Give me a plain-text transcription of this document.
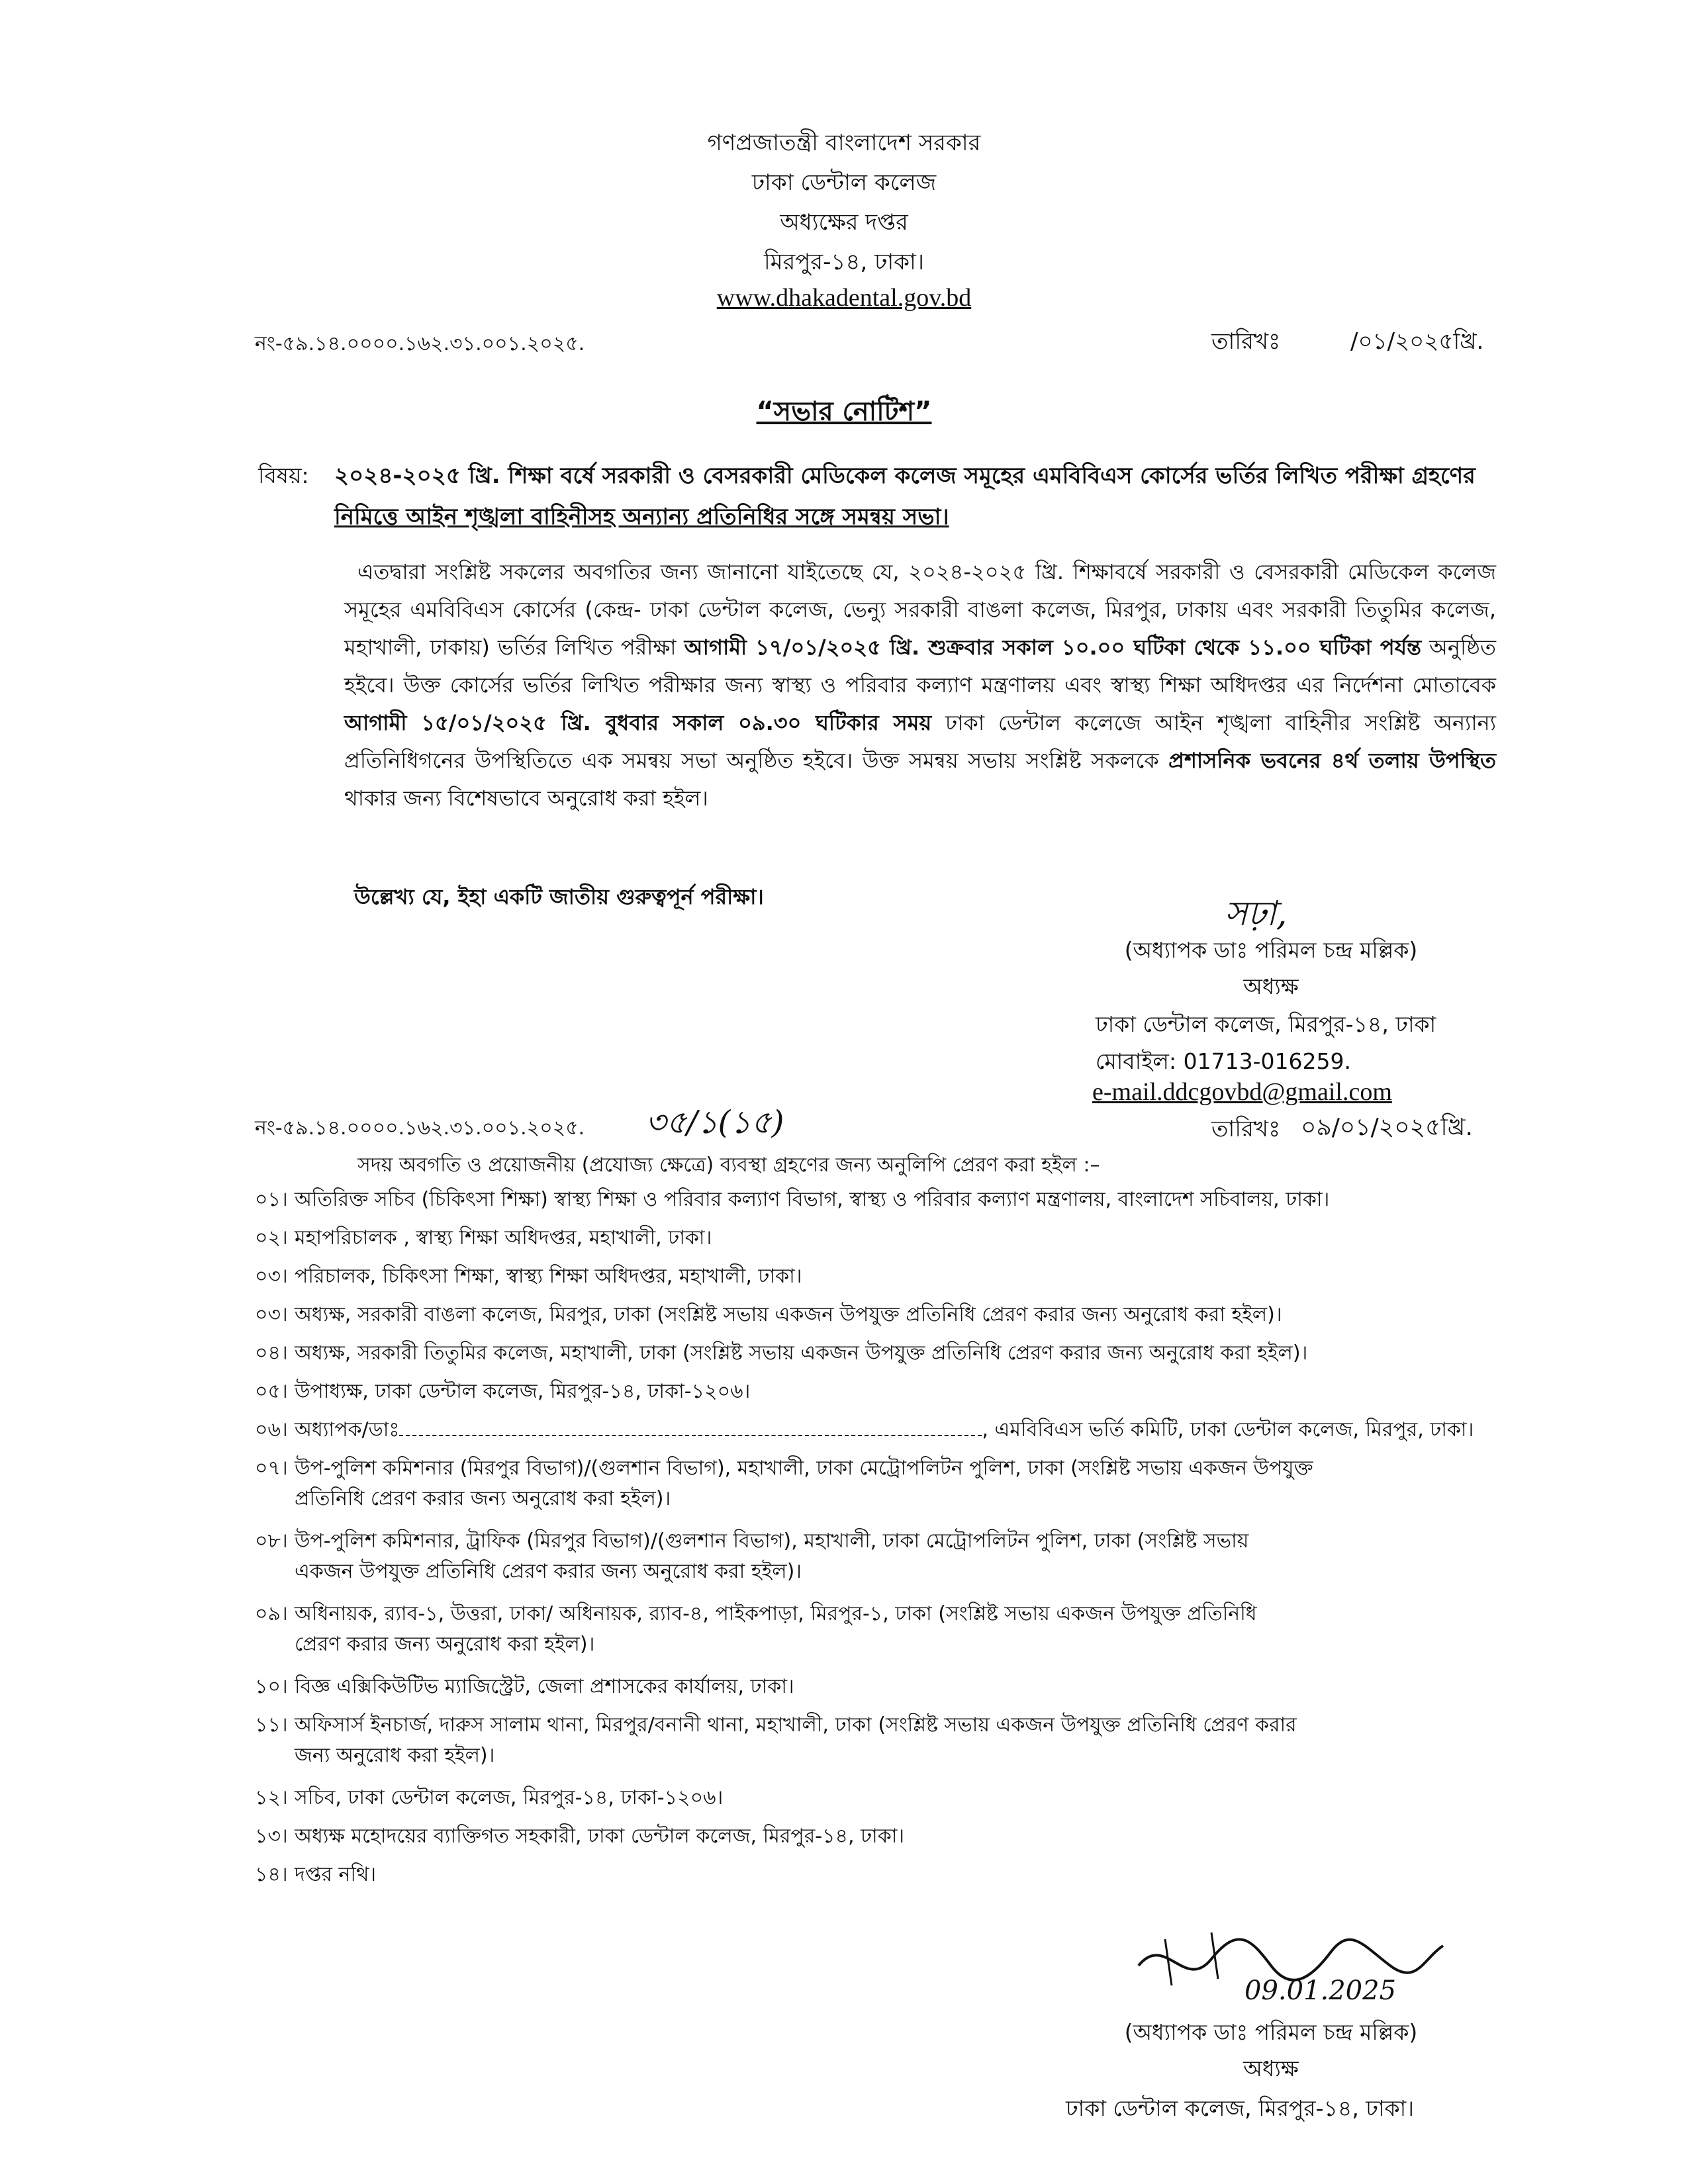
গণপ্রজাতন্ত্রী বাংলাদেশ সরকার
ঢাকা ডেন্টাল কলেজ
অধ্যক্ষের দপ্তর
মিরপুর-১৪, ঢাকা।
www.dhakadental.gov.bd
নং-৫৯.১৪.০০০০.১৬২.৩১.০০১.২০২৫.	তারিখঃ	/০১/২০২৫খ্রি.
“সভার নোটিশ”
বিষয়: ২০২৪-২০২৫ খ্রি. শিক্ষা বর্ষে সরকারী ও বেসরকারী মেডিকেল কলেজ সমূহের এমবিবিএস কোর্সের ভর্তির লিখিত পরীক্ষা গ্রহণের
নিমিত্তে আইন শৃঙ্খলা বাহিনীসহ অন্যান্য প্রতিনিধির সঙ্গে সমন্বয় সভা।
এতদ্বারা সংশ্লিষ্ট সকলের অবগতির জন্য জানানো যাইতেছে যে, ২০২৪-২০২৫ খ্রি. শিক্ষাবর্ষে সরকারী ও বেসরকারী মেডিকেল কলেজ সমূহের এমবিবিএস কোর্সের (কেন্দ্র- ঢাকা ডেন্টাল কলেজ, ভেন্যু সরকারী বাঙলা কলেজ, মিরপুর, ঢাকায় এবং সরকারী তিতুমির কলেজ, মহাখালী, ঢাকায়) ভর্তির লিখিত পরীক্ষা আগামী ১৭/০১/২০২৫ খ্রি. শুক্রবার সকাল ১০.০০ ঘটিকা থেকে ১১.০০ ঘটিকা পর্যন্ত অনুষ্ঠিত হইবে। উক্ত কোর্সের ভর্তির লিখিত পরীক্ষার জন্য স্বাস্থ্য ও পরিবার কল্যাণ মন্ত্রণালয় এবং স্বাস্থ্য শিক্ষা অধিদপ্তর এর নির্দেশনা মোতাবেক আগামী ১৫/০১/২০২৫ খ্রি. বুধবার সকাল ০৯.৩০ ঘটিকার সময় ঢাকা ডেন্টাল কলেজে আইন শৃঙ্খলা বাহিনীর সংশ্লিষ্ট অন্যান্য প্রতিনিধিগনের উপস্থিতিতে এক সমন্বয় সভা অনুষ্ঠিত হইবে। উক্ত সমন্বয় সভায় সংশ্লিষ্ট সকলকে প্রশাসনিক ভবনের ৪র্থ তলায় উপস্থিত থাকার জন্য বিশেষভাবে অনুরোধ করা হইল।
উল্লেখ্য যে, ইহা একটি জাতীয় গুরুত্বপূর্ন পরীক্ষা।	সঢ়া,
(অধ্যাপক ডাঃ পরিমল চন্দ্র মল্লিক)
অধ্যক্ষ
ঢাকা ডেন্টাল কলেজ, মিরপুর-১৪, ঢাকা
মোবাইল: 01713-016259.
e-mail.ddcgovbd@gmail.com
নং-৫৯.১৪.০০০০.১৬২.৩১.০০১.২০২৫. ৩৫/১(১৫)	তারিখঃ ০৯/০১/২০২৫খ্রি.
সদয় অবগতি ও প্রয়োজনীয় (প্রযোজ্য ক্ষেত্রে) ব্যবস্থা গ্রহণের জন্য অনুলিপি প্রেরণ করা হইল :–
০১। অতিরিক্ত সচিব (চিকিৎসা শিক্ষা) স্বাস্থ্য শিক্ষা ও পরিবার কল্যাণ বিভাগ, স্বাস্থ্য ও পরিবার কল্যাণ মন্ত্রণালয়, বাংলাদেশ সচিবালয়, ঢাকা।
০২। মহাপরিচালক , স্বাস্থ্য শিক্ষা অধিদপ্তর, মহাখালী, ঢাকা।
০৩। পরিচালক, চিকিৎসা শিক্ষা, স্বাস্থ্য শিক্ষা অধিদপ্তর, মহাখালী, ঢাকা।
০৩। অধ্যক্ষ, সরকারী বাঙলা কলেজ, মিরপুর, ঢাকা (সংশ্লিষ্ট সভায় একজন উপযুক্ত প্রতিনিধি প্রেরণ করার জন্য অনুরোধ করা হইল)।
০৪। অধ্যক্ষ, সরকারী তিতুমির কলেজ, মহাখালী, ঢাকা (সংশ্লিষ্ট সভায় একজন উপযুক্ত প্রতিনিধি প্রেরণ করার জন্য অনুরোধ করা হইল)।
০৫। উপাধ্যক্ষ, ঢাকা ডেন্টাল কলেজ, মিরপুর-১৪, ঢাকা-১২০৬।
০৬। অধ্যাপক/ডাঃ	, এমবিবিএস ভর্তি কমিটি, ঢাকা ডেন্টাল কলেজ, মিরপুর, ঢাকা।
০৭। উপ-পুলিশ কমিশনার (মিরপুর বিভাগ)/(গুলশান বিভাগ), মহাখালী, ঢাকা মেট্রোপলিটন পুলিশ, ঢাকা (সংশ্লিষ্ট সভায় একজন উপযুক্ত
প্রতিনিধি প্রেরণ করার জন্য অনুরোধ করা হইল)।
০৮। উপ-পুলিশ কমিশনার, ট্রাফিক (মিরপুর বিভাগ)/(গুলশান বিভাগ), মহাখালী, ঢাকা মেট্রোপলিটন পুলিশ, ঢাকা (সংশ্লিষ্ট সভায়
একজন উপযুক্ত প্রতিনিধি প্রেরণ করার জন্য অনুরোধ করা হইল)।
০৯। অধিনায়ক, র‌্যাব-১, উত্তরা, ঢাকা/ অধিনায়ক, র‌্যাব-৪, পাইকপাড়া, মিরপুর-১, ঢাকা (সংশ্লিষ্ট সভায় একজন উপযুক্ত প্রতিনিধি
প্রেরণ করার জন্য অনুরোধ করা হইল)।
১০। বিজ্ঞ এক্সিকিউটিভ ম্যাজিস্ট্রেট, জেলা প্রশাসকের কার্যালয়, ঢাকা।
১১। অফিসার্স ইনচার্জ, দারুস সালাম থানা, মিরপুর/বনানী থানা, মহাখালী, ঢাকা (সংশ্লিষ্ট সভায় একজন উপযুক্ত প্রতিনিধি প্রেরণ করার
জন্য অনুরোধ করা হইল)।
১২। সচিব, ঢাকা ডেন্টাল কলেজ, মিরপুর-১৪, ঢাকা-১২০৬।
১৩। অধ্যক্ষ মহোদয়ের ব্যাক্তিগত সহকারী, ঢাকা ডেন্টাল কলেজ, মিরপুর-১৪, ঢাকা।
১৪। দপ্তর নথি।
09.01.2025
(অধ্যাপক ডাঃ পরিমল চন্দ্র মল্লিক)
অধ্যক্ষ
ঢাকা ডেন্টাল কলেজ, মিরপুর-১৪, ঢাকা।
